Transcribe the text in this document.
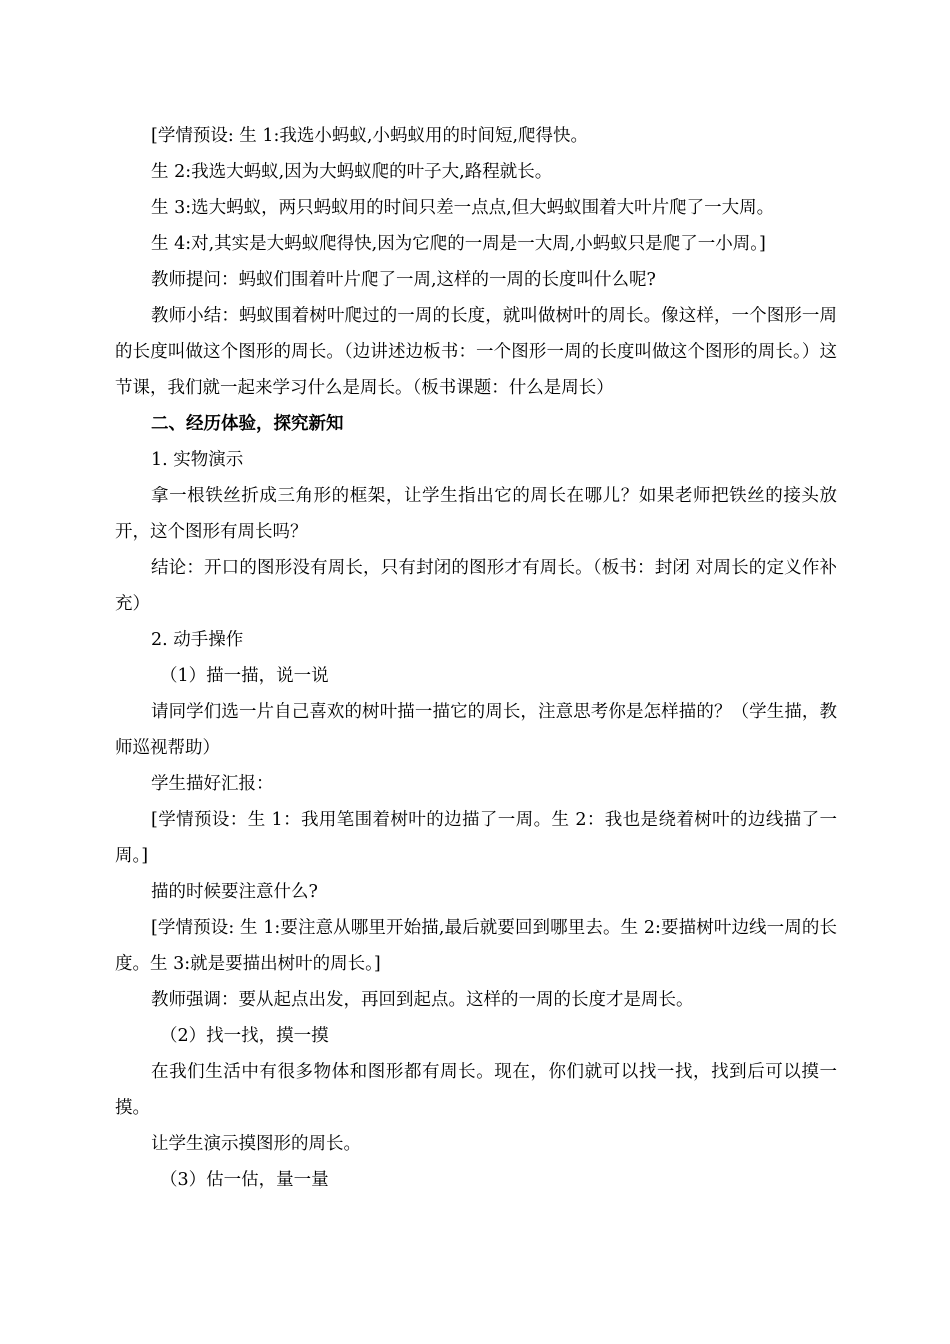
[学情预设: 生 1:我选小蚂蚁,小蚂蚁用的时间短,爬得快。

生 2:我选大蚂蚁,因为大蚂蚁爬的叶子大,路程就长。

生 3:选大蚂蚁，两只蚂蚁用的时间只差一点点,但大蚂蚁围着大叶片爬了一大周。

生 4:对,其实是大蚂蚁爬得快,因为它爬的一周是一大周,小蚂蚁只是爬了一小周。]

教师提问：蚂蚁们围着叶片爬了一周,这样的一周的长度叫什么呢?

教师小结：蚂蚁围着树叶爬过的一周的长度，就叫做树叶的周长。像这样，一个图形一周的长度叫做这个图形的周长。（边讲述边板书：一个图形一周的长度叫做这个图形的周长。）这节课，我们就一起来学习什么是周长。（板书课题：什么是周长）

二、经历体验，探究新知

1. 实物演示

拿一根铁丝折成三角形的框架，让学生指出它的周长在哪儿？如果老师把铁丝的接头放开，这个图形有周长吗？

结论：开口的图形没有周长，只有封闭的图形才有周长。（板书：封闭 对周长的定义作补充）

2. 动手操作

（1）描一描，说一说

请同学们选一片自己喜欢的树叶描一描它的周长，注意思考你是怎样描的？（学生描，教师巡视帮助）

学生描好汇报：

[学情预设：生 1：我用笔围着树叶的边描了一周。生 2：我也是绕着树叶的边线描了一周。]

描的时候要注意什么?

[学情预设: 生 1:要注意从哪里开始描,最后就要回到哪里去。生 2:要描树叶边线一周的长度。生 3:就是要描出树叶的周长。]

教师强调：要从起点出发，再回到起点。这样的一周的长度才是周长。

（2）找一找，摸一摸

在我们生活中有很多物体和图形都有周长。现在，你们就可以找一找，找到后可以摸一摸。

让学生演示摸图形的周长。

（3）估一估，量一量
